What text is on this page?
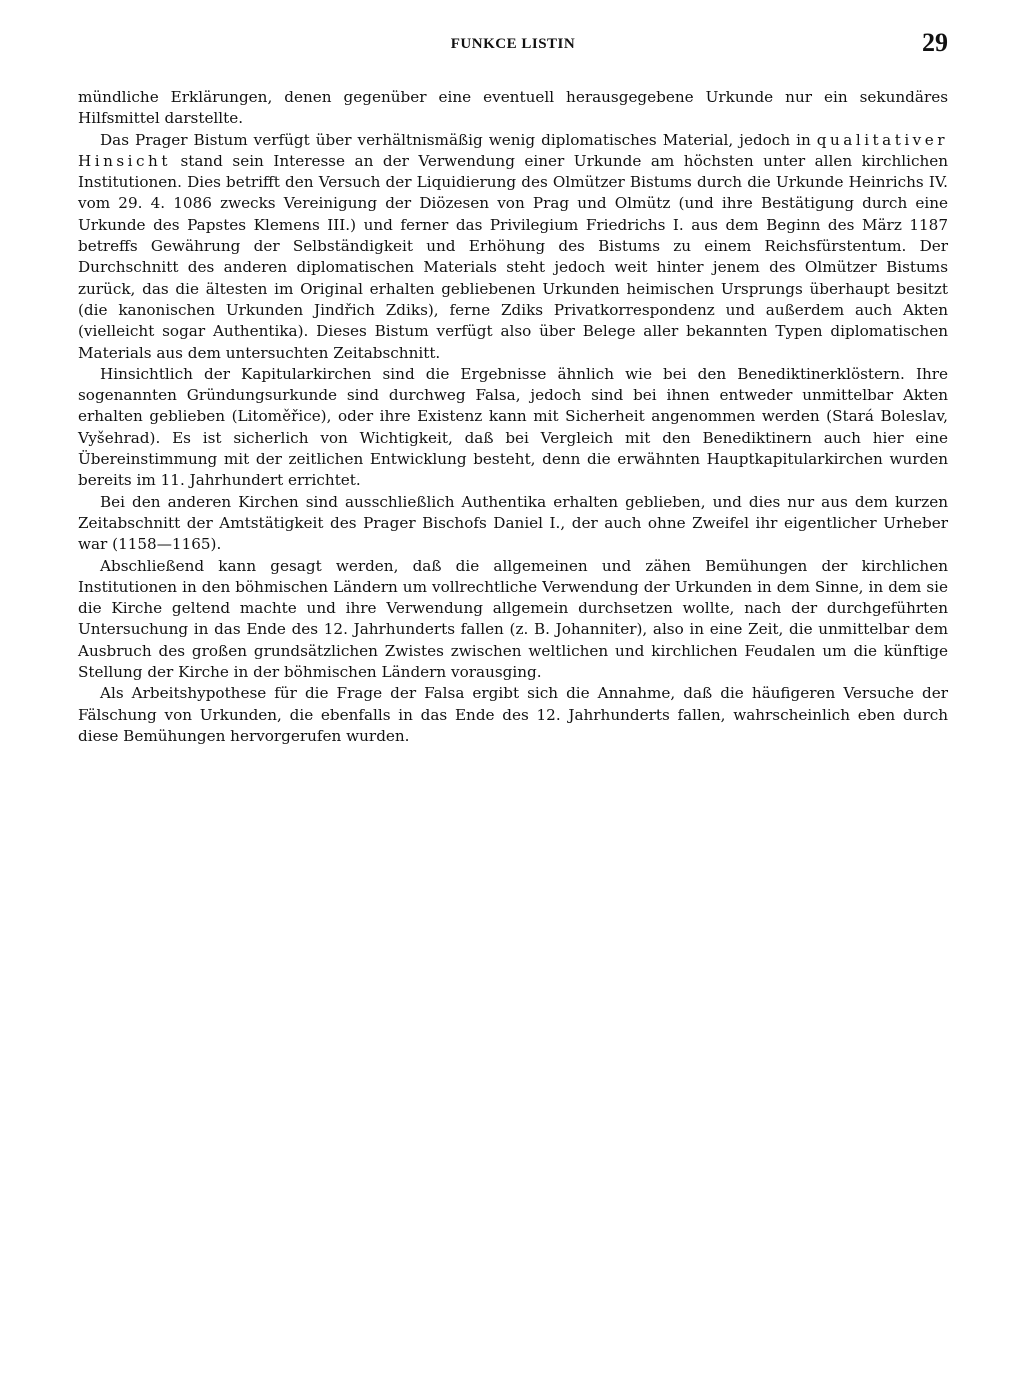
FUNKCE LISTIN	29

mündliche Erklärungen, denen gegenüber eine eventuell herausgegebene Urkunde nur ein sekundäres Hilfsmittel darstellte.

Das Prager Bistum verfügt über verhältnismäßig wenig diplomatisches Material, jedoch in qualitativer Hinsicht stand sein Interesse an der Verwendung einer Urkunde am höchsten unter allen kirchlichen Institutionen. Dies betrifft den Versuch der Liquidierung des Olmützer Bistums durch die Urkunde Heinrichs IV. vom 29. 4. 1086 zwecks Vereinigung der Diözesen von Prag und Olmütz (und ihre Bestätigung durch eine Urkunde des Papstes Klemens III.) und ferner das Privilegium Friedrichs I. aus dem Beginn des März 1187 betreffs Gewährung der Selbständigkeit und Erhöhung des Bistums zu einem Reichsfürstentum. Der Durchschnitt des anderen diplomatischen Materials steht jedoch weit hinter jenem des Olmützer Bistums zurück, das die ältesten im Original erhalten gebliebenen Urkunden heimischen Ursprungs überhaupt besitzt (die kanonischen Urkunden Jindřich Zdiks), ferne Zdiks Privatkorrespondenz und außerdem auch Akten (vielleicht sogar Authentika). Dieses Bistum verfügt also über Belege aller bekannten Typen diplomatischen Materials aus dem untersuchten Zeitabschnitt.

Hinsichtlich der Kapitularkirchen sind die Ergebnisse ähnlich wie bei den Benediktinerklöstern. Ihre sogenannten Gründungsurkunde sind durchweg Falsa, jedoch sind bei ihnen entweder unmittelbar Akten erhalten geblieben (Litoměřice), oder ihre Existenz kann mit Sicherheit angenommen werden (Stará Boleslav, Vyšehrad). Es ist sicherlich von Wichtigkeit, daß bei Vergleich mit den Benediktinern auch hier eine Übereinstimmung mit der zeitlichen Entwicklung besteht, denn die erwähnten Hauptkapitularkirchen wurden bereits im 11. Jahrhundert errichtet.

Bei den anderen Kirchen sind ausschließlich Authentika erhalten geblieben, und dies nur aus dem kurzen Zeitabschnitt der Amtstätigkeit des Prager Bischofs Daniel I., der auch ohne Zweifel ihr eigentlicher Urheber war (1158—1165).

Abschließend kann gesagt werden, daß die allgemeinen und zähen Bemühungen der kirchlichen Institutionen in den böhmischen Ländern um vollrechtliche Verwendung der Urkunden in dem Sinne, in dem sie die Kirche geltend machte und ihre Verwendung allgemein durchsetzen wollte, nach der durchgeführten Untersuchung in das Ende des 12. Jahrhunderts fallen (z. B. Johanniter), also in eine Zeit, die unmittelbar dem Ausbruch des großen grundsätzlichen Zwistes zwischen weltlichen und kirchlichen Feudalen um die künftige Stellung der Kirche in der böhmischen Ländern vorausging.

Als Arbeitshypothese für die Frage der Falsa ergibt sich die Annahme, daß die häufigeren Versuche der Fälschung von Urkunden, die ebenfalls in das Ende des 12. Jahrhunderts fallen, wahrscheinlich eben durch diese Bemühungen hervorgerufen wurden.
